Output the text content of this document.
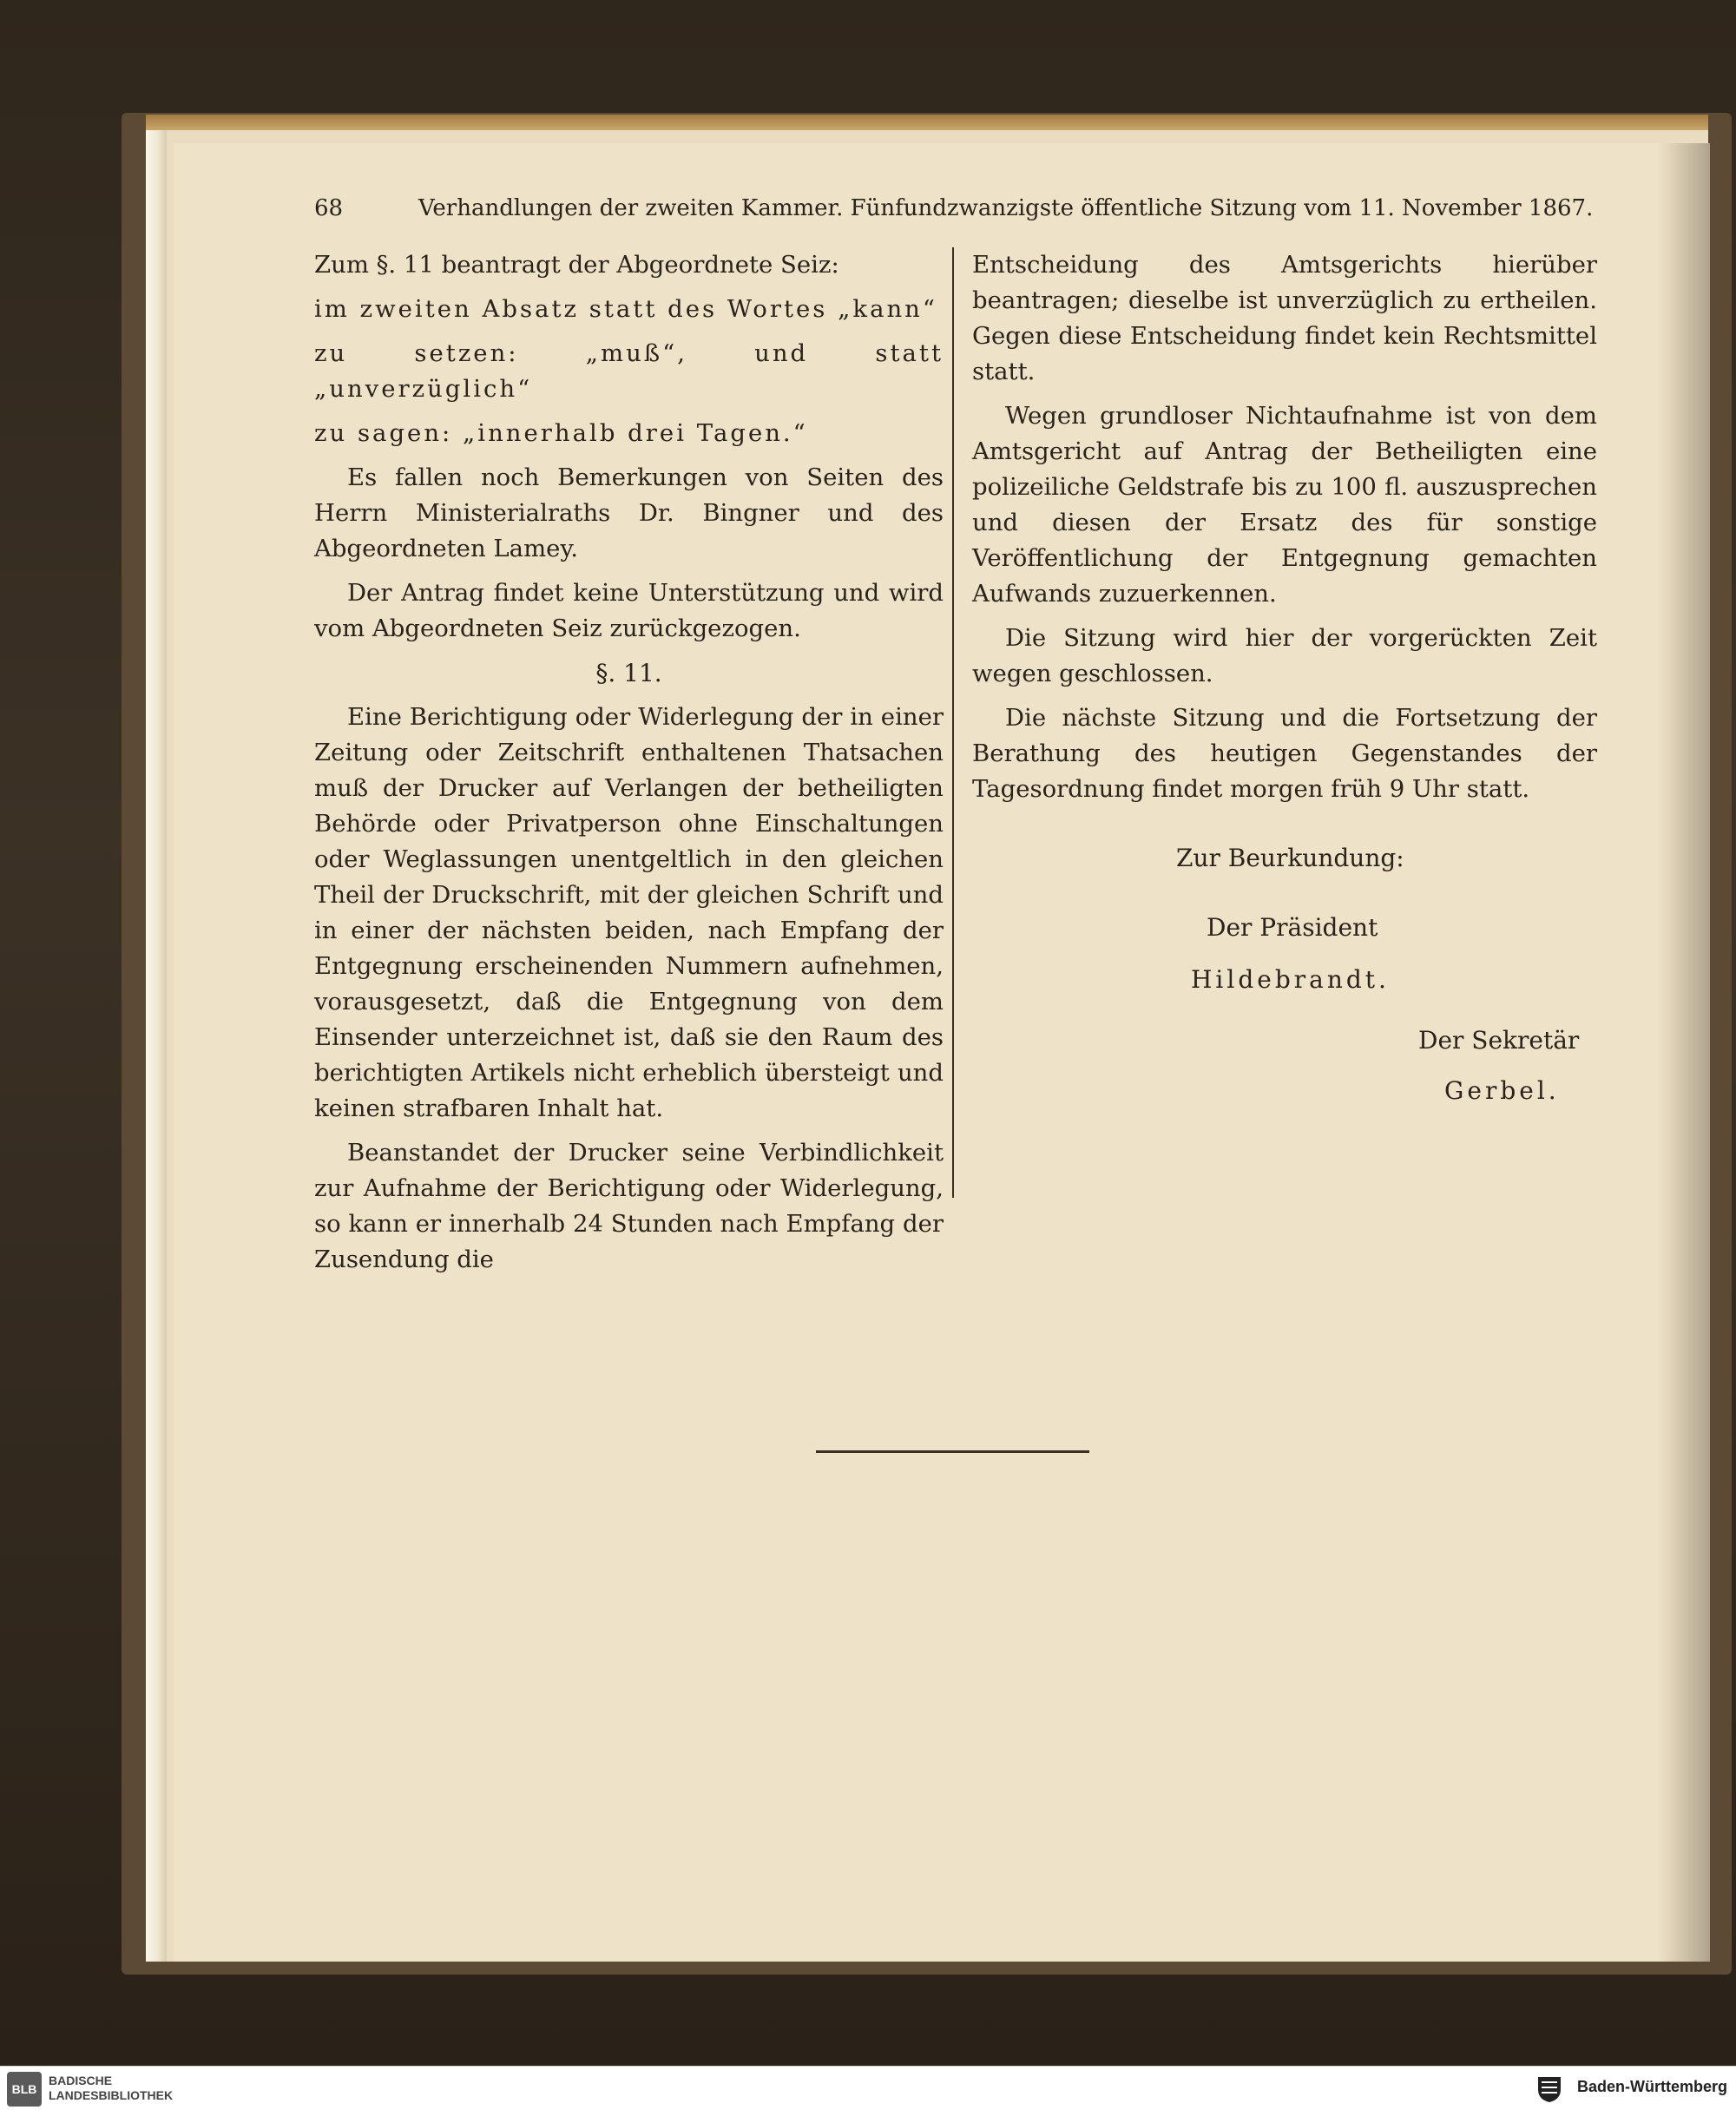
68	Verhandlungen der zweiten Kammer. Fünfundzwanzigste öffentliche Sitzung vom 11. November 1867.

Zum §. 11 beantragt der Abgeordnete Seiz:

im zweiten Absatz statt des Wortes „kann“
zu setzen: „muß“, und statt „unverzüglich“
zu sagen: „innerhalb drei Tagen.“

Es fallen noch Bemerkungen von Seiten des Herrn Ministerialraths Dr. Bingner und des Abgeordneten Lamey.

Der Antrag findet keine Unterstützung und wird vom Abgeordneten Seiz zurückgezogen.

§. 11.

Eine Berichtigung oder Widerlegung der in einer Zeitung oder Zeitschrift enthaltenen Thatsachen muß der Drucker auf Verlangen der betheiligten Behörde oder Privatperson ohne Einschaltungen oder Weglassungen unentgeltlich in den gleichen Theil der Druckschrift, mit der gleichen Schrift und in einer der nächsten beiden, nach Empfang der Entgegnung erscheinenden Nummern aufnehmen, vorausgesetzt, daß die Entgegnung von dem Einsender unterzeichnet ist, daß sie den Raum des berichtigten Artikels nicht erheblich übersteigt und keinen strafbaren Inhalt hat.

Beanstandet der Drucker seine Verbindlichkeit zur Aufnahme der Berichtigung oder Widerlegung, so kann er innerhalb 24 Stunden nach Empfang der Zusendung die

Entscheidung des Amtsgerichts hierüber beantragen; dieselbe ist unverzüglich zu ertheilen. Gegen diese Entscheidung findet kein Rechtsmittel statt.

Wegen grundloser Nichtaufnahme ist von dem Amtsgericht auf Antrag der Betheiligten eine polizeiliche Geldstrafe bis zu 100 fl. auszusprechen und diesen der Ersatz des für sonstige Veröffentlichung der Entgegnung gemachten Aufwands zuzuerkennen.

Die Sitzung wird hier der vorgerückten Zeit wegen geschlossen.

Die nächste Sitzung und die Fortsetzung der Berathung des heutigen Gegenstandes der Tagesordnung findet morgen früh 9 Uhr statt.

Zur Beurkundung:
Der Präsident
Hildebrandt.
Der Sekretär
Gerbel.
BLB
BADISCHE
LANDESBIBLIOTHEK	Baden-Württemberg
